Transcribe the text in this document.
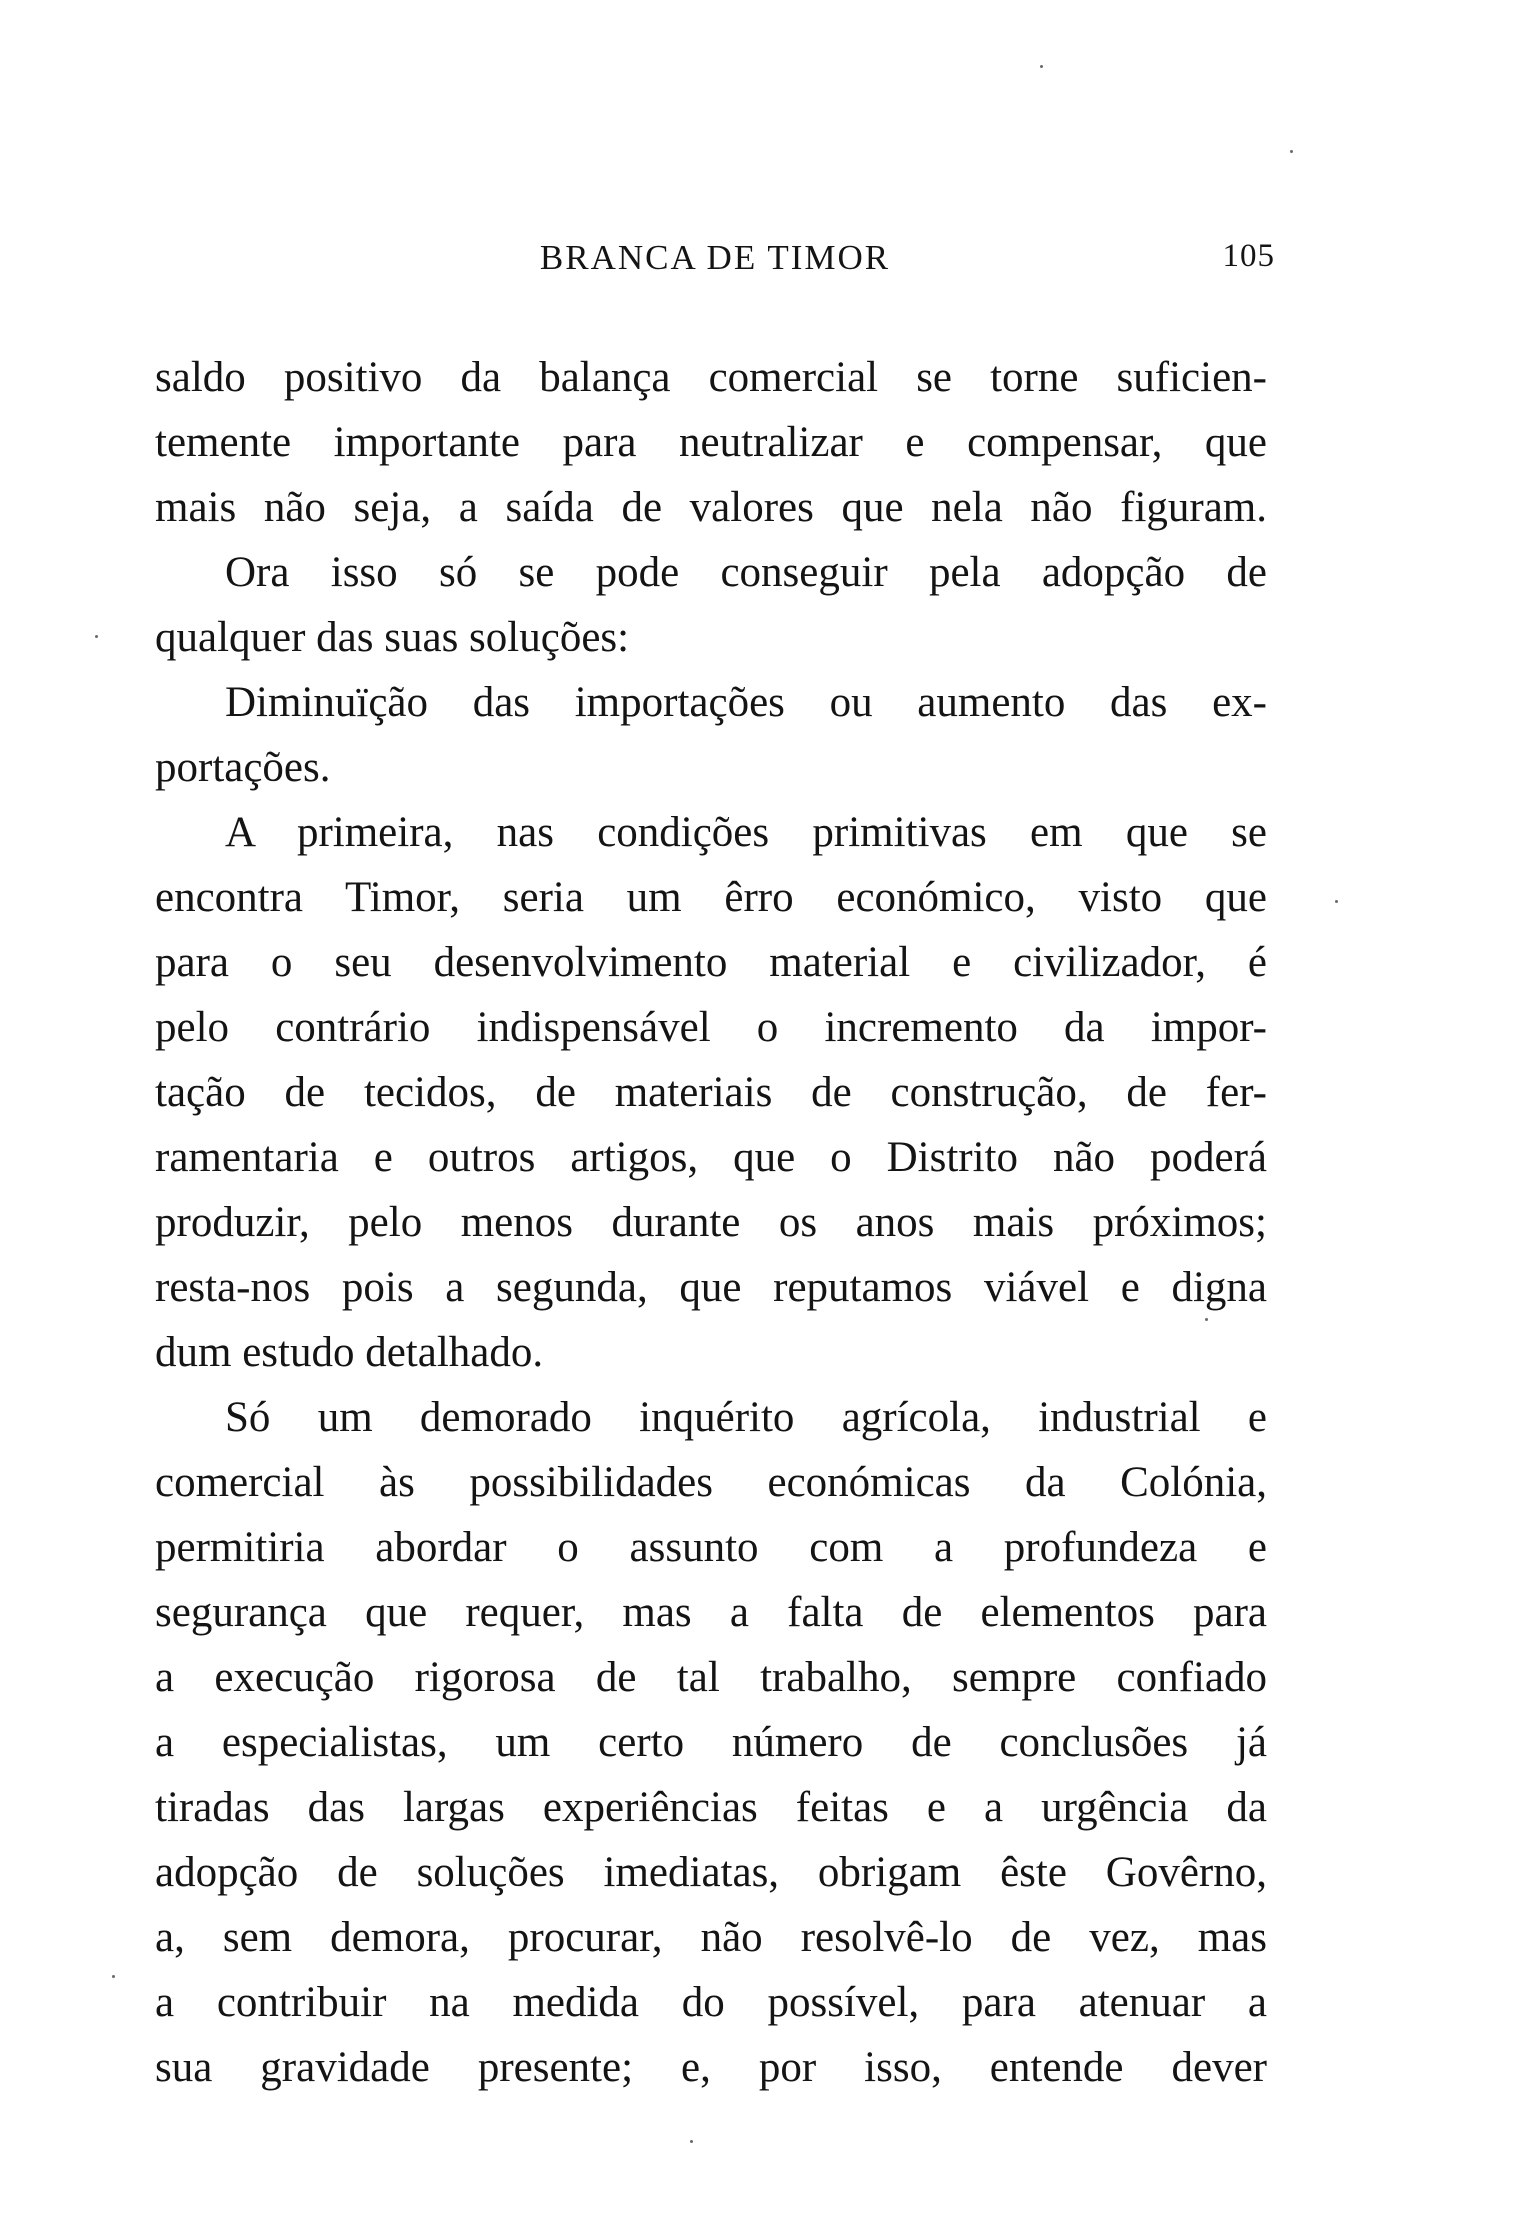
BRANCA DE TIMOR	105
saldo positivo da balança comercial se torne suficien-
temente importante para neutralizar e compensar, que
mais não seja, a saída de valores que nela não figuram.
Ora isso só se pode conseguir pela adopção de
qualquer das suas soluções:
Diminuïção das importações ou aumento das ex-
portações.
A primeira, nas condições primitivas em que se
encontra Timor, seria um êrro económico, visto que
para o seu desenvolvimento material e civilizador, é
pelo contrário indispensável o incremento da impor-
tação de tecidos, de materiais de construção, de fer-
ramentaria e outros artigos, que o Distrito não poderá
produzir, pelo menos durante os anos mais próximos;
resta-nos pois a segunda, que reputamos viável e digna
dum estudo detalhado.
Só um demorado inquérito agrícola, industrial e
comercial às possibilidades económicas da Colónia,
permitiria abordar o assunto com a profundeza e
segurança que requer, mas a falta de elementos para
a execução rigorosa de tal trabalho, sempre confiado
a especialistas, um certo número de conclusões já
tiradas das largas experiências feitas e a urgência da
adopção de soluções imediatas, obrigam êste Govêrno,
a, sem demora, procurar, não resolvê-lo de vez, mas
a contribuir na medida do possível, para atenuar a
sua gravidade presente; e, por isso, entende dever
